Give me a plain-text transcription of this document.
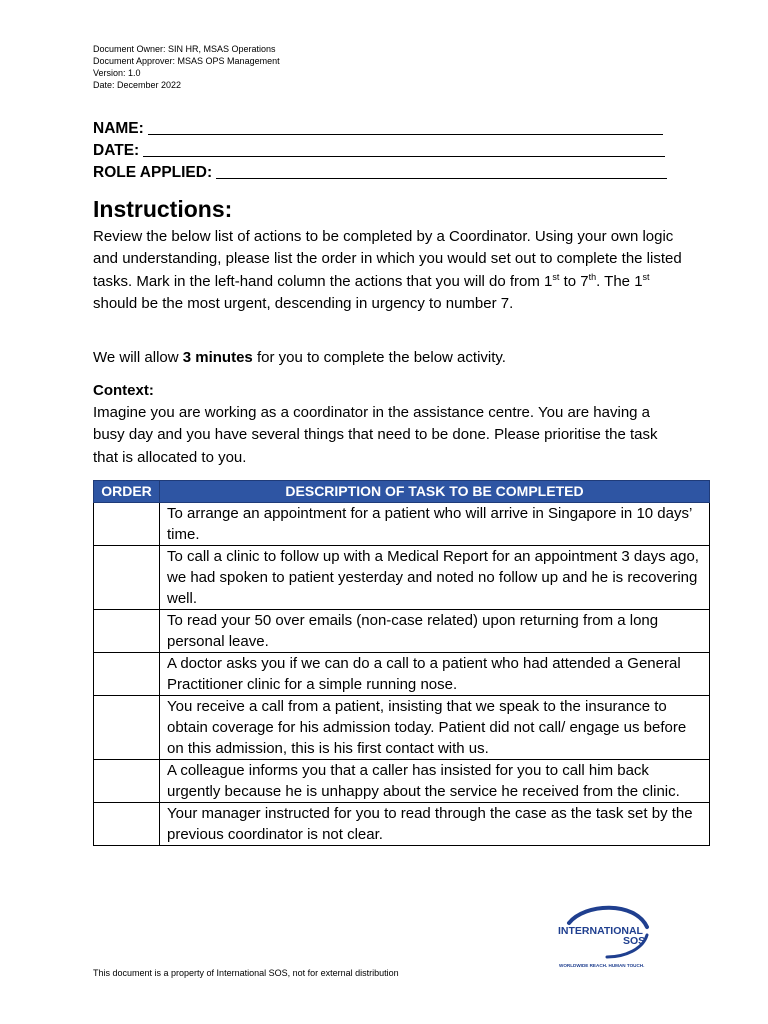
Document Owner: SIN HR, MSAS Operations
Document Approver: MSAS OPS Management
Version: 1.0
Date: December 2022
NAME:
DATE:
ROLE APPLIED:
Instructions:

Review the below list of actions to be completed by a Coordinator. Using your own logic and understanding, please list the order in which you would set out to complete the listed tasks. Mark in the left-hand column the actions that you will do from 1st to 7th. The 1st should be the most urgent, descending in urgency to number 7.

We will allow 3 minutes for you to complete the below activity.

Context:

Imagine you are working as a coordinator in the assistance centre. You are having a busy day and you have several things that need to be done. Please prioritise the task that is allocated to you.

ORDER	DESCRIPTION OF TASK TO BE COMPLETED
	To arrange an appointment for a patient who will arrive in Singapore in 10 days’ time.
	To call a clinic to follow up with a Medical Report for an appointment 3 days ago, we had spoken to patient yesterday and noted no follow up and he is recovering well.
	To read your 50 over emails (non-case related) upon returning from a long personal leave.
	A doctor asks you if we can do a call to a patient who had attended a General Practitioner clinic for a simple running nose.
	You receive a call from a patient, insisting that we speak to the insurance to obtain coverage for his admission today. Patient did not call/ engage us before on this admission, this is his first contact with us.
	A colleague informs you that a caller has insisted for you to call him back urgently because he is unhappy about the service he received from the clinic.
	Your manager instructed for you to read through the case as the task set by the previous coordinator is not clear.
INTERNATIONAL
SOS
WORLDWIDE REACH. HUMAN TOUCH.
This document is a property of International SOS, not for external distribution
